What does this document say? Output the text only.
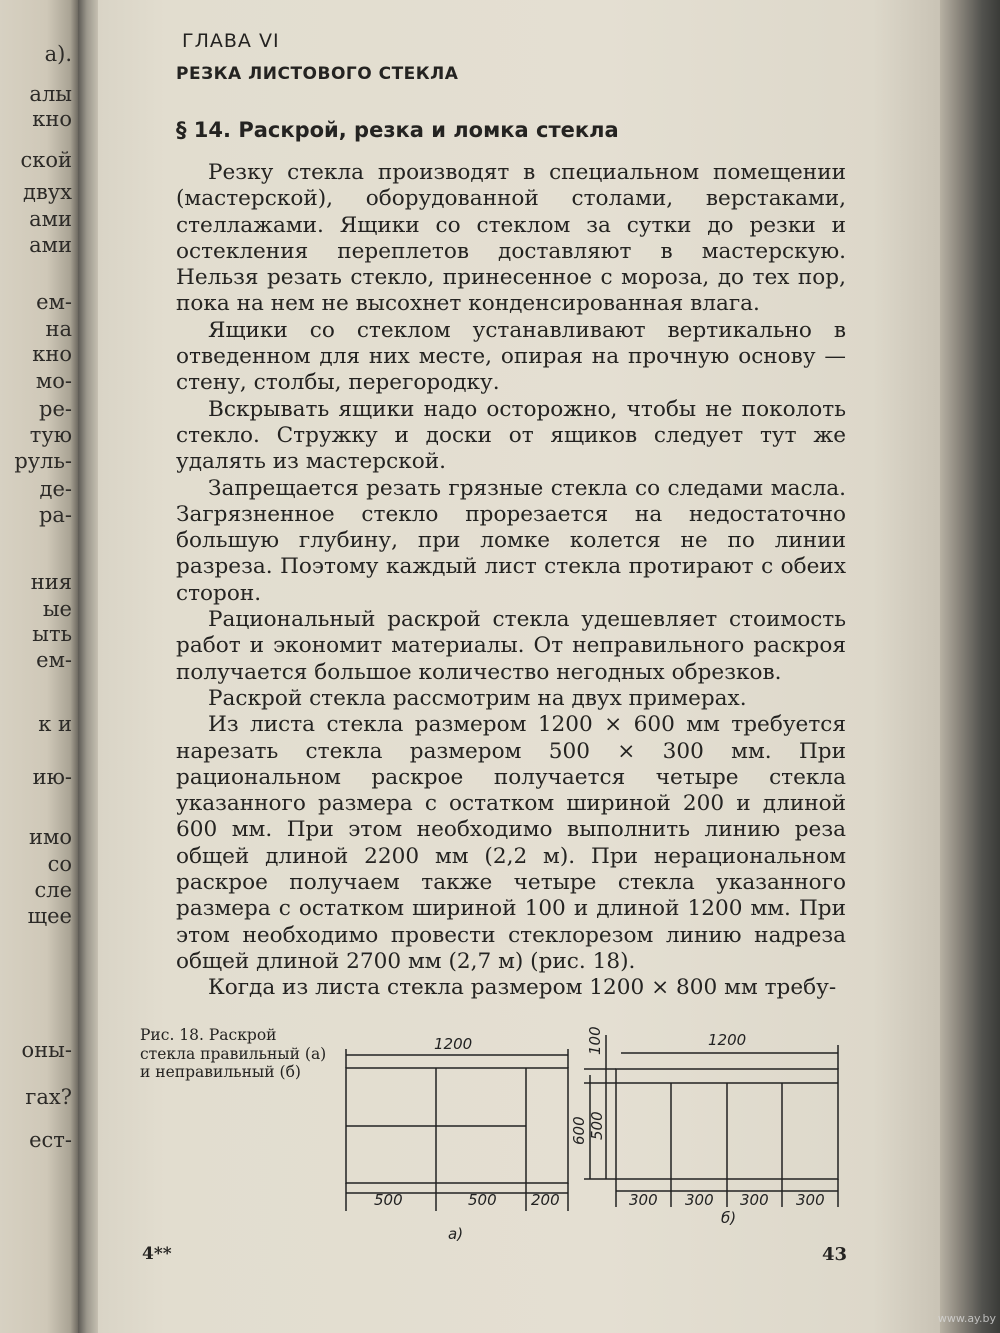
а).
алы
кно
ской
двух
ами
ами
ем-
на
кно
мо-
ре-
тую
руль-
де-
ра-
ния
ые
ыть
ем-
к и
ию-
имо
со
сле
щее
оны-
гах?
ест-
ГЛАВА VI
РЕЗКА ЛИСТОВОГО СТЕКЛА
§ 14. Раскрой, резка и ломка стекла

Резку стекла производят в специальном помещении (мастерской), оборудованной столами, верстаками, стеллажами. Ящики со стеклом за сутки до резки и остекления переплетов доставляют в мастерскую. Нельзя резать стекло, принесенное с мороза, до тех пор, пока на нем не высохнет конденсированная влага.

Ящики со стеклом устанавливают вертикально в отведенном для них месте, опирая на прочную основу — стену, столбы, перегородку.

Вскрывать ящики надо осторожно, чтобы не поколоть стекло. Стружку и доски от ящиков следует тут же удалять из мастерской.

Запрещается резать грязные стекла со следами масла. Загрязненное стекло прорезается на недостаточно большую глубину, при ломке колется не по линии разреза. Поэтому каждый лист стекла протирают с обеих сторон.

Рациональный раскрой стекла удешевляет стоимость работ и экономит материалы. От неправильного раскроя получается большое количество негодных обрезков.

Раскрой стекла рассмотрим на двух примерах.

Из листа стекла размером 1200 × 600 мм требуется нарезать стекла размером 500 × 300 мм. При рациональном раскрое получается четыре стекла указанного размера с остатком шириной 200 и длиной 600 мм. При этом необходимо выполнить линию реза общей длиной 2200 мм (2,2 м). При нерациональном раскрое получаем также четыре стекла указанного размера с остатком шириной 100 и длиной 1200 мм. При этом необходимо провести стеклорезом линию надреза общей длиной 2700 мм (2,7 м) (рис. 18).

Когда из листа стекла размером 1200 × 800 мм требу-

Рис. 18. Раскрой стекла правильный (а) и неправильный (б)
1200
500	500 200
а)
1200
100
600 500
300 300 300 300
б)
4**	43
www.ay.by
